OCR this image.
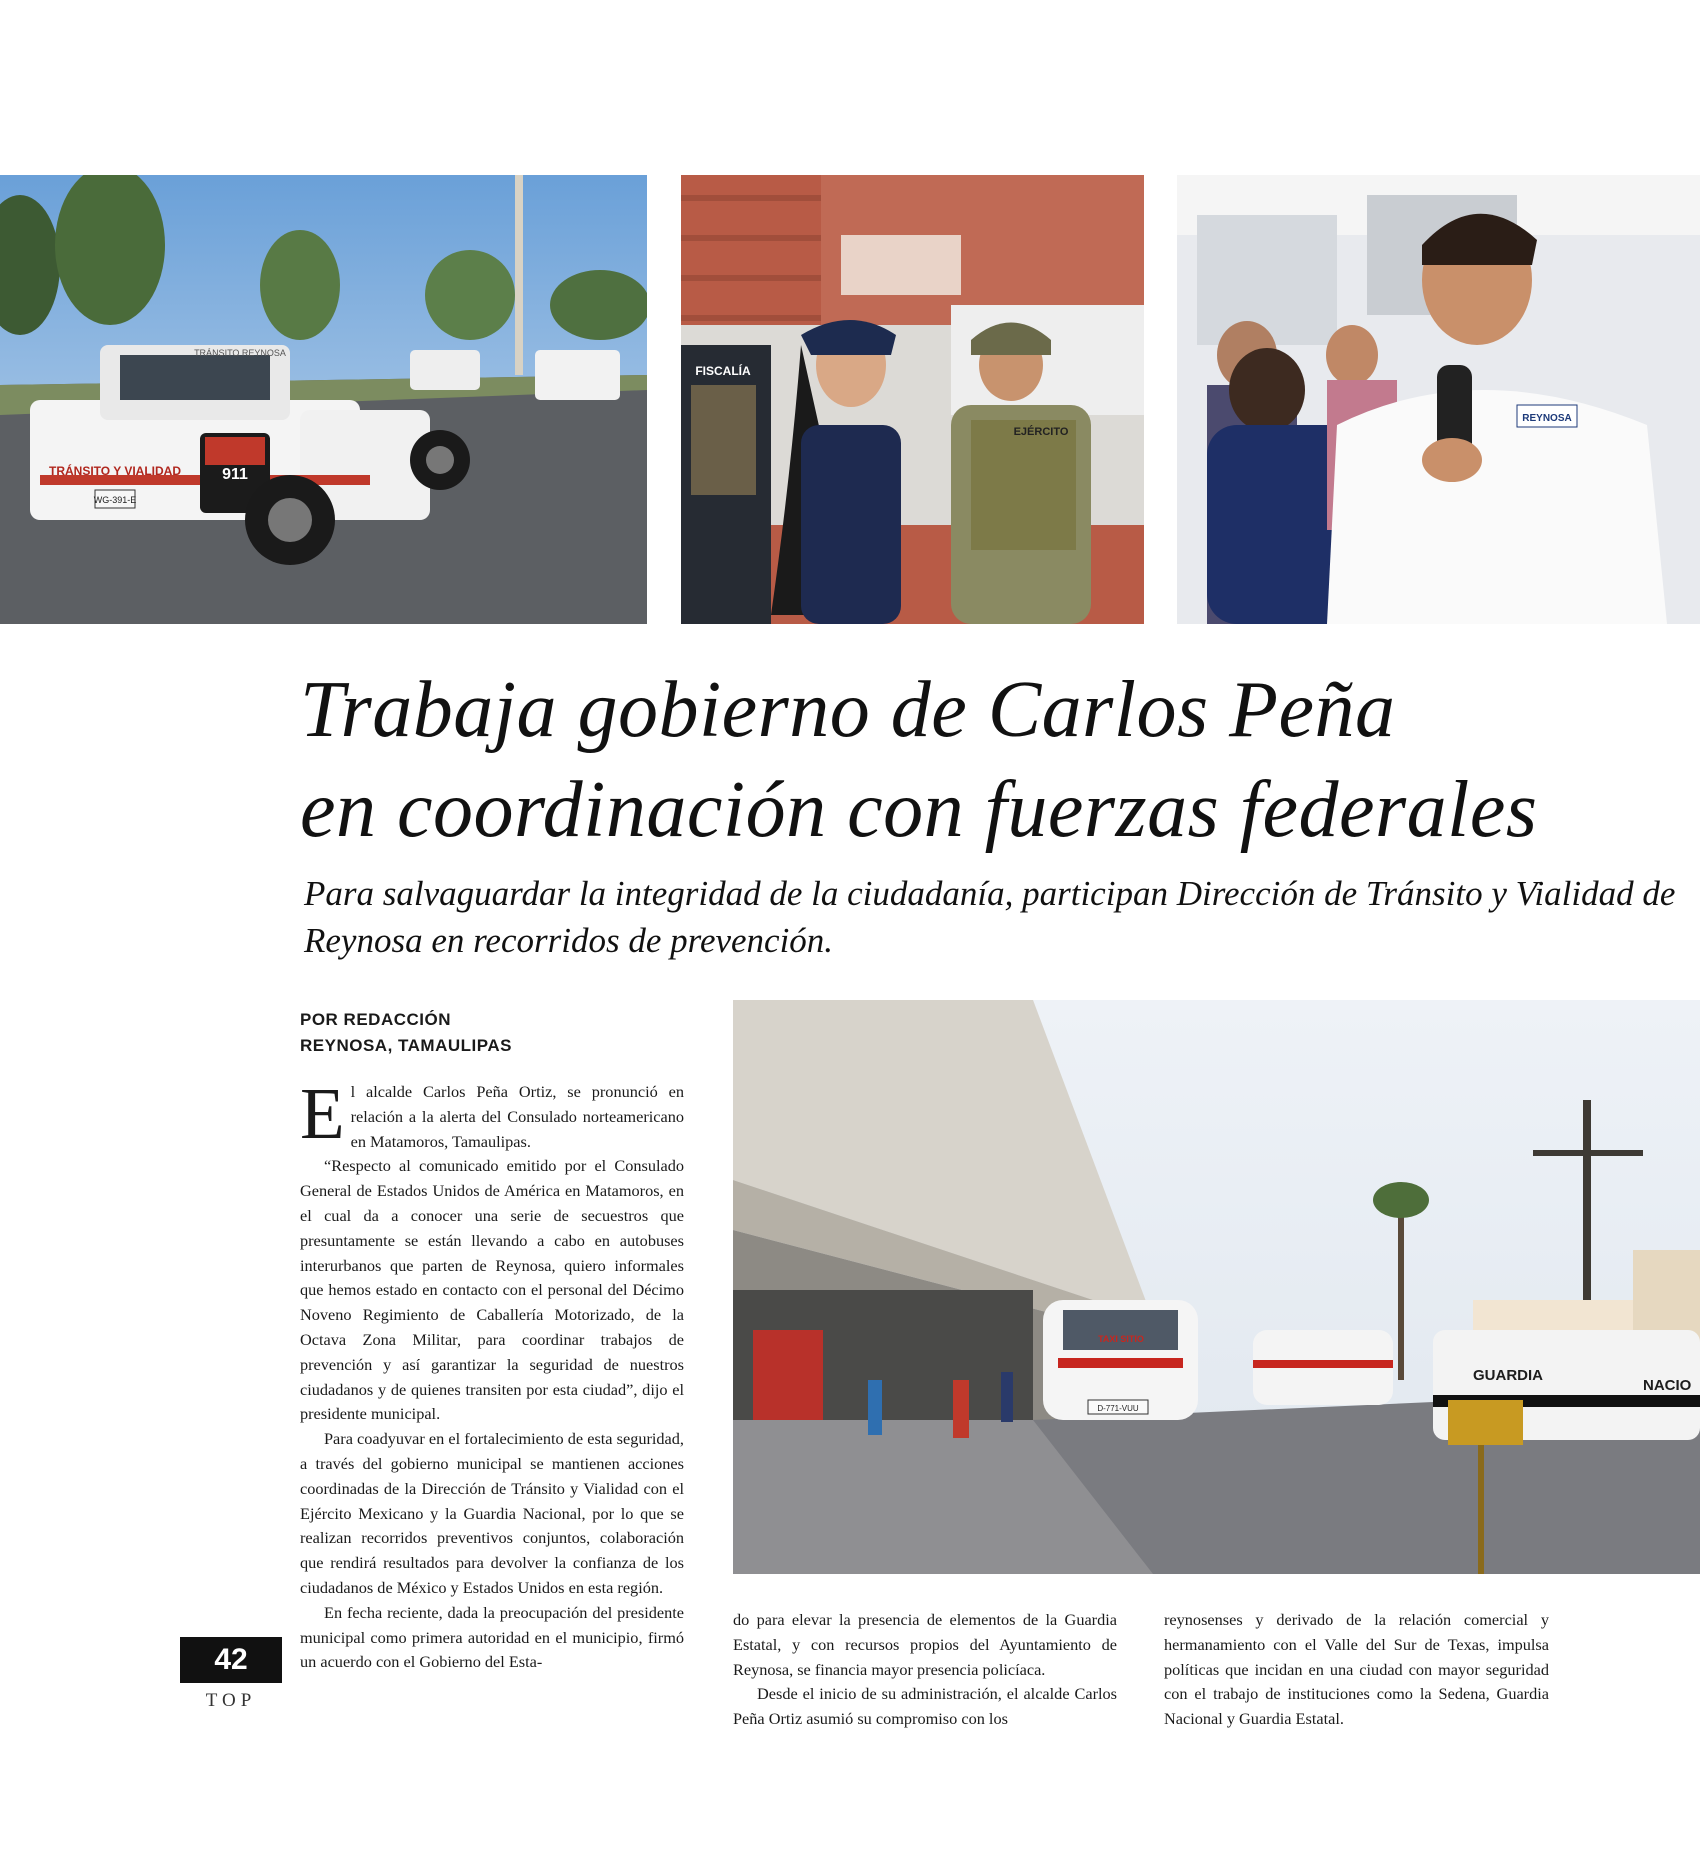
911
TRÁNSITO Y VIALIDAD
TRÁNSITO REYNOSA
WG-391-E
FISCALÍA
EJÉRCITO
REYNOSA
Trabaja gobierno de Carlos Peña
en coordinación con fuerzas federales

Para salvaguardar la integridad de la ciudadanía, participan Dirección de Tránsito y Vialidad de Reynosa en recorridos de prevención.

POR REDACCIÓN
REYNOSA, TAMAULIPAS

El alcalde Carlos Peña Ortiz, se pronunció en relación a la alerta del Consulado norteamericano en Matamoros, Tamaulipas.

“Respecto al comunicado emitido por el Consulado General de Estados Unidos de América en Matamoros, en el cual da a conocer una serie de secuestros que presuntamente se están llevando a cabo en autobuses interurbanos que parten de Reynosa, quiero informales que hemos estado en contacto con el personal del Décimo Noveno Regimiento de Caballería Motorizado, de la Octava Zona Militar, para coordinar trabajos de prevención y así garantizar la seguridad de nuestros ciudadanos y de quienes transiten por esta ciudad”, dijo el presidente municipal.

Para coadyuvar en el fortalecimiento de esta seguridad, a través del gobierno municipal se mantienen acciones coordinadas de la Dirección de Tránsito y Vialidad con el Ejército Mexicano y la Guardia Nacional, por lo que se realizan recorridos preventivos conjuntos, colaboración que rendirá resultados para devolver la confianza de los ciudadanos de México y Estados Unidos en esta región.

En fecha reciente, dada la preocupación del presidente municipal como primera autoridad en el municipio, firmó un acuerdo con el Gobierno del Esta-

TAXI SITIO
D-771-VUU
GUARDIA
NACIO

do para elevar la presencia de elementos de la Guardia Estatal, y con recursos propios del Ayuntamiento de Reynosa, se financia mayor presencia policíaca.

Desde el inicio de su administración, el alcalde Carlos Peña Ortiz asumió su compromiso con los

reynosenses y derivado de la relación comercial y hermanamiento con el Valle del Sur de Texas, impulsa políticas que incidan en una ciudad con mayor seguridad con el trabajo de instituciones como la Sedena, Guardia Nacional y Guardia Estatal.

42
TOP
